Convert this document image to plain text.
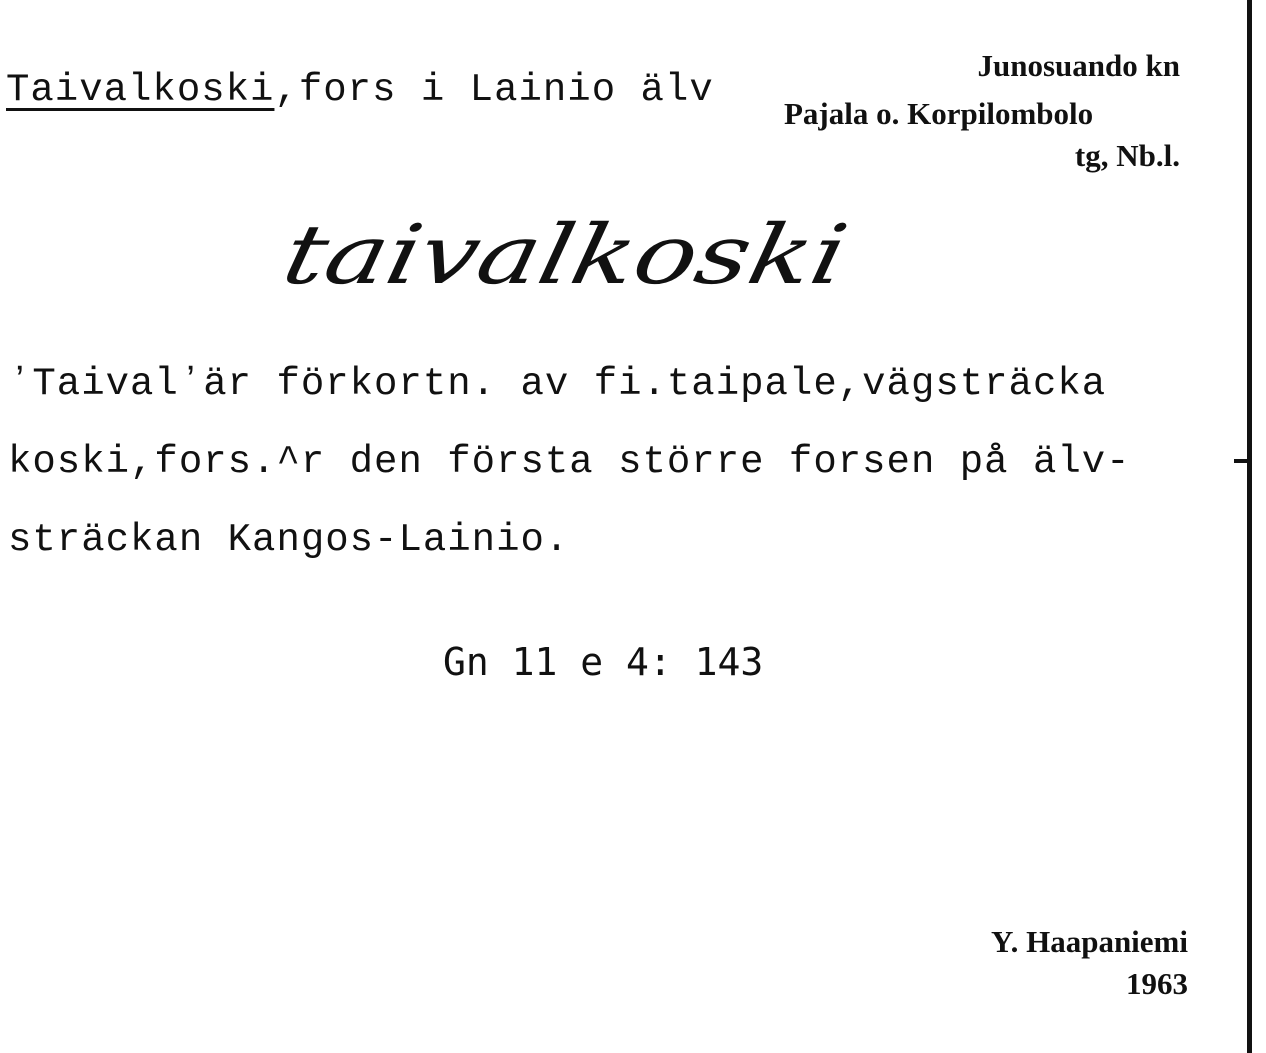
Taivalkoski,fors i Lainio älv
Junosuando kn
Pajala o. Korpilombolo
tg, Nb.l.
taivalkoski
ʼTaivalʼär förkortn. av fi.taipale,vägsträcka
koski,fors.^r den första större forsen på älv-
sträckan Kangos-Lainio.
Gn 11 e 4: 143
Y. Haapaniemi
1963
